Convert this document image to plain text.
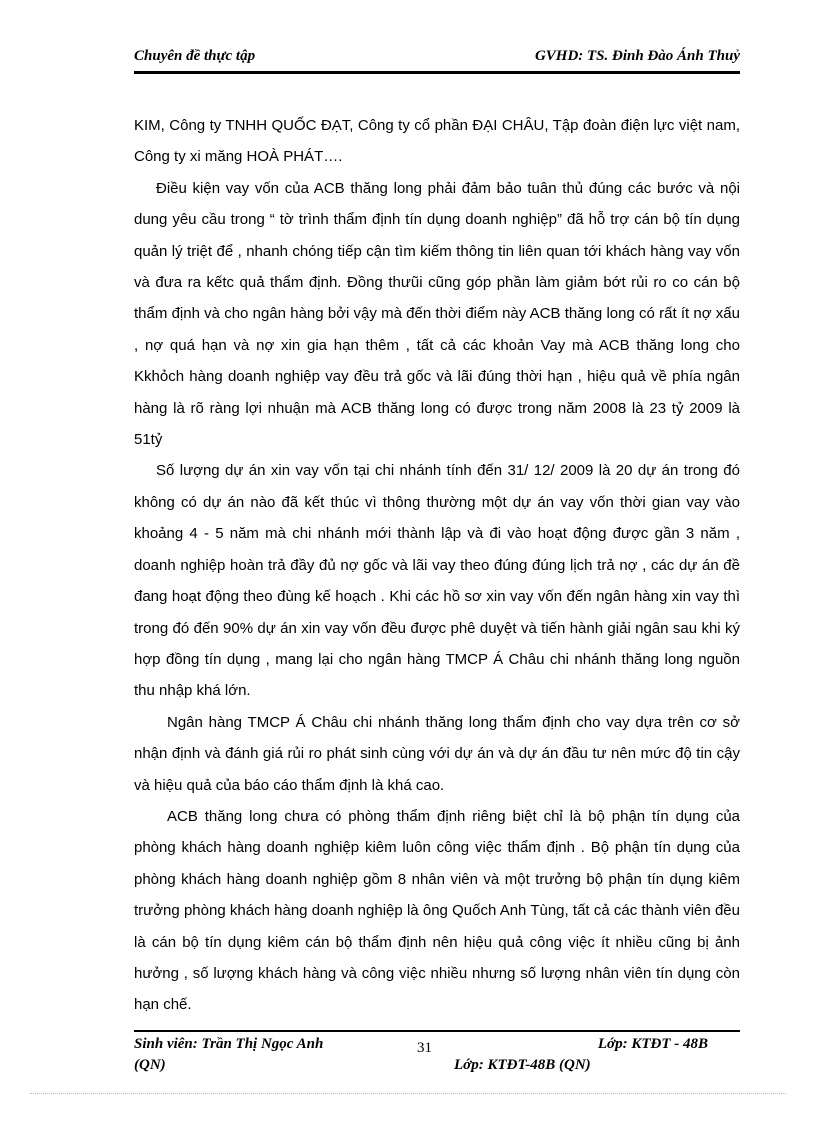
Chuyên đề thực tập	GVHD: TS. Đinh Đào Ánh Thuỷ

KIM, Công ty TNHH QUỐC ĐẠT, Công ty cổ phần ĐẠI CHÂU, Tập đoàn điện lực việt nam, Công ty xi măng HOÀ PHÁT….

Điều kiện vay vốn của ACB thăng long phải đảm bảo tuân thủ đúng các bước và nội dung yêu cầu trong “ tờ trình thẩm định tín dụng doanh nghiệp” đã hỗ trợ cán bộ tín dụng quản lý triệt để , nhanh chóng tiếp cận tìm kiếm thông tin liên quan tới khách hàng vay vốn và đưa ra kếtc quả thẩm định. Đồng thưũi cũng góp phần làm giảm bớt rủi ro co cán bộ thẩm định và cho ngân hàng bởi vậy mà đến thời điểm này ACB thăng long có rất ít nợ xấu , nợ quá hạn và nợ xin gia hạn thêm , tất cả các khoản Vay mà ACB thăng long cho Kkhỏch hàng doanh nghiệp vay đều trả gốc và lãi đúng thời hạn , hiệu quả về phía ngân hàng là rõ ràng lợi nhuận mà ACB thăng long có được trong năm 2008 là 23 tỷ 2009 là 51tỷ

Số lượng dự án xin vay vốn tại chi nhánh tính đến 31/ 12/ 2009 là 20 dự án trong đó không có dự án nào đã kết thúc vì thông thường một dự án vay vốn thời gian vay vào khoảng 4 - 5 năm mà chi nhánh mới thành lập và đi vào hoạt động được gần 3 năm , doanh nghiệp hoàn trả đầy đủ nợ gốc và lãi vay theo đúng đúng lịch trả nợ , các dự án đề đang hoạt động theo đùng kế hoạch . Khi các hồ sơ xin vay vốn đến ngân hàng xin vay thì trong đó đến 90% dự án xin vay vốn đều được phê duyệt và tiến hành giải ngân sau khi ký hợp đồng tín dụng , mang lại cho ngân hàng TMCP Á Châu chi nhánh thăng long nguồn thu nhập khá lớn.

Ngân hàng TMCP Á Châu chi nhánh thăng long thẩm định cho vay dựa trên cơ sở nhận định và đánh giá rủi ro phát sinh cùng với dự án và dự án đầu tư nên mức độ tin cậy và hiệu quả của báo cáo thẩm định là khá cao.

ACB thăng long chưa có phòng thẩm định riêng biệt chỉ là bộ phận tín dụng của phòng khách hàng doanh nghiệp kiêm luôn công việc thẩm định . Bộ phận tín dụng của phòng khách hàng doanh nghiệp gồm 8 nhân viên và một trưởng bộ phận tín dụng kiêm trưởng phòng khách hàng doanh nghiệp là ông Quốch Anh Tùng, tất cả các thành viên đều là cán bộ tín dụng kiêm cán bộ thẩm định nên hiệu quả công việc ít nhiều cũng bị ảnh hưởng , số lượng khách hàng và công việc nhiều nhưng số lượng nhân viên tín dụng còn hạn chế.

Sinh viên: Trần Thị Ngọc Anh
(QN)
31	Lớp: KTĐT - 48B
Lớp: KTĐT-48B (QN)
